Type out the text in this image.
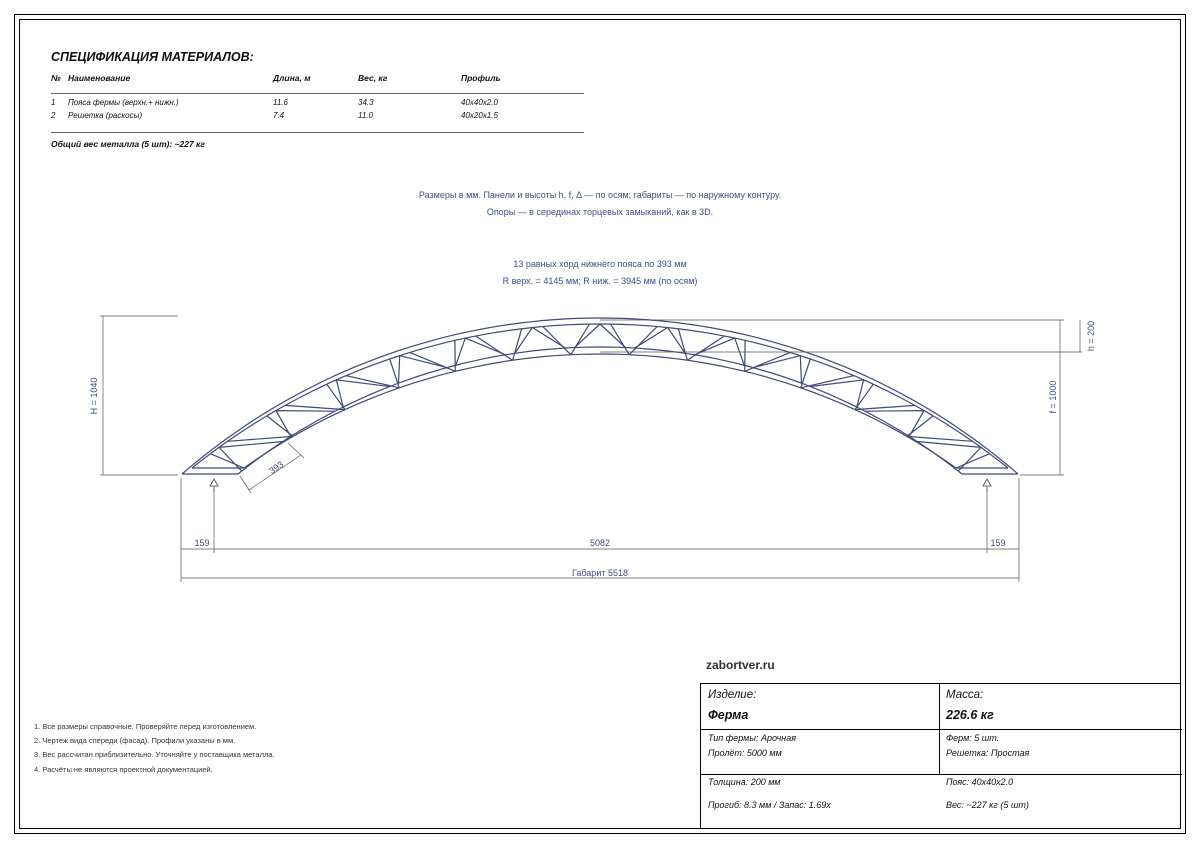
СПЕЦИФИКАЦИЯ МАТЕРИАЛОВ:
№ Наименование	Длина, м	Вес, кг	Профиль
1 Пояса фермы (верхн.+ нижн.)	11.6	34.3	40x40x2.0
2 Решетка (раскосы)	7.4	11.0	40x20x1.5
Общий вес металла (5 шт): ~227 кг
Размеры в мм. Панели и высоты h, f, Δ — по осям; габариты — по наружному контуру.
Опоры — в серединах торцевых замыканий, как в 3D.
13 равных хорд нижнего пояса по 393 мм
R верх. = 4145 мм; R ниж. = 3945 мм (по осям)
H = 1040	f = 1000
h = 200
393
159	5082	159
Габарит 5518
1. Все размеры справочные. Проверяйте перед изготовлением.
2. Чертеж вида спереди (фасад). Профили указаны в мм.
3. Вес рассчитан приблизительно. Уточняйте у поставщика металла.
4. Расчёты не являются проектной документацией.
zabortver.ru
Изделие:
Ферма
Масса:
226.6 кг
Тип фермы: Арочная
Пролёт: 5000 мм
Ферм: 5 шт.
Решетка: Простая
Толщина: 200 мм
Прогиб: 8.3 мм / Запас: 1.69x
Пояс: 40x40x2.0
Вес: ~227 кг (5 шт)
